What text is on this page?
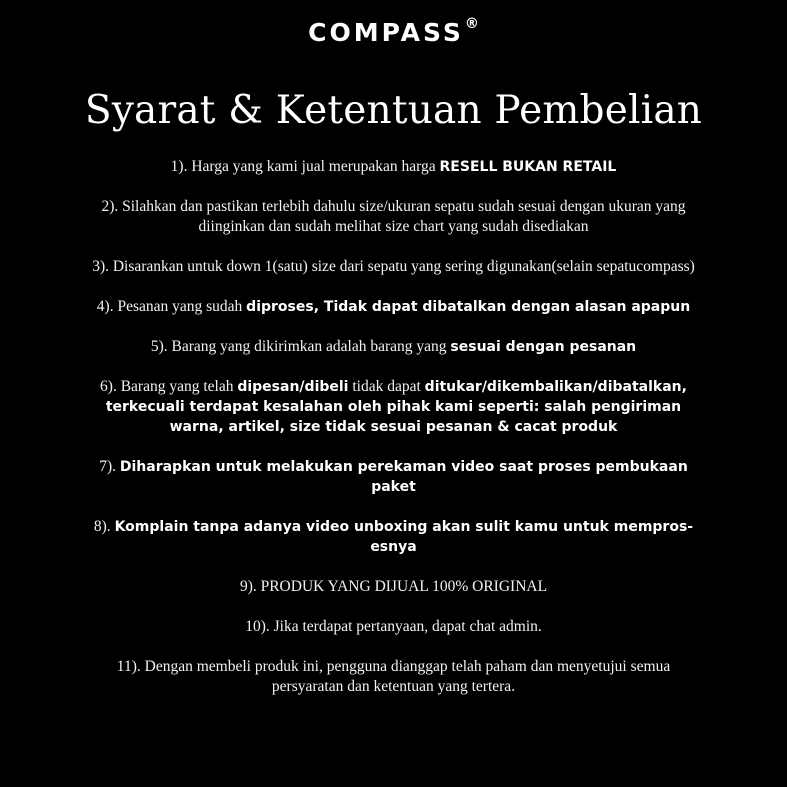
COMPASS®
Syarat & Ketentuan Pembelian
1). Harga yang kami jual merupakan harga RESELL BUKAN RETAIL
2). Silahkan dan pastikan terlebih dahulu size/ukuran sepatu sudah sesuai dengan ukuran yang diinginkan dan sudah melihat size chart yang sudah disediakan
3). Disarankan untuk down 1(satu) size dari sepatu yang sering digunakan(selain sepatucompass)
4). Pesanan yang sudah diproses, Tidak dapat dibatalkan dengan alasan apapun
5). Barang yang dikirimkan adalah barang yang sesuai dengan pesanan
6). Barang yang telah dipesan/dibeli tidak dapat ditukar/dikembalikan/dibatalkan, terkecuali terdapat kesalahan oleh pihak kami seperti: salah pengiriman warna, artikel, size tidak sesuai pesanan & cacat produk
7). Diharapkan untuk melakukan perekaman video saat proses pembukaan paket
8). Komplain tanpa adanya video unboxing akan sulit kamu untuk mempros-esnya
9). PRODUK YANG DIJUAL 100% ORIGINAL
10). Jika terdapat pertanyaan, dapat chat admin.
11). Dengan membeli produk ini, pengguna dianggap telah paham dan menyetujui semua persyaratan dan ketentuan yang tertera.
